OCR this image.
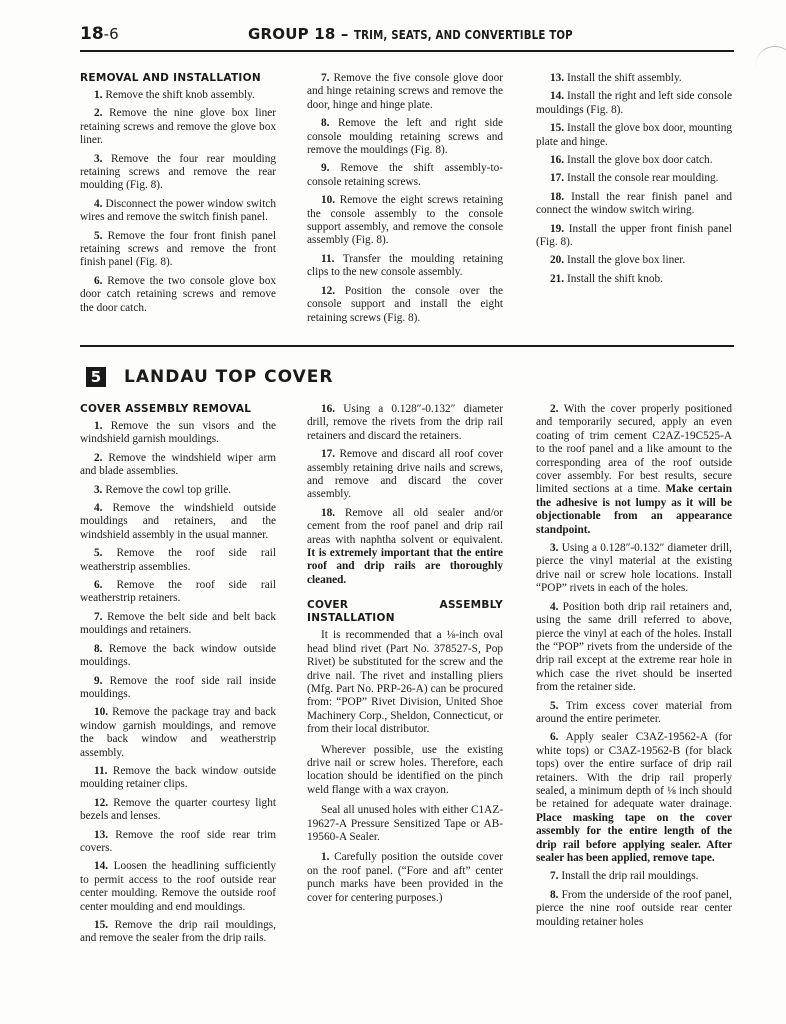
18-6	GROUP 18 – TRIM, SEATS, AND CONVERTIBLE TOP
REMOVAL AND INSTALLATION

1. Remove the shift knob assembly.

2. Remove the nine glove box liner retaining screws and remove the glove box liner.

3. Remove the four rear moulding retaining screws and remove the rear moulding (Fig. 8).

4. Disconnect the power window switch wires and remove the switch finish panel.

5. Remove the four front finish panel retaining screws and remove the front finish panel (Fig. 8).

6. Remove the two console glove box door catch retaining screws and remove the door catch.

7. Remove the five console glove door and hinge retaining screws and remove the door, hinge and hinge plate.

8. Remove the left and right side console moulding retaining screws and remove the mouldings (Fig. 8).

9. Remove the shift assembly-to-console retaining screws.

10. Remove the eight screws retaining the console assembly to the console support assembly, and remove the console assembly (Fig. 8).

11. Transfer the moulding retaining clips to the new console assembly.

12. Position the console over the console support and install the eight retaining screws (Fig. 8).

13. Install the shift assembly.

14. Install the right and left side console mouldings (Fig. 8).

15. Install the glove box door, mounting plate and hinge.

16. Install the glove box door catch.

17. Install the console rear moulding.

18. Install the rear finish panel and connect the window switch wiring.

19. Install the upper front finish panel (Fig. 8).

20. Install the glove box liner.

21. Install the shift knob.

5 LANDAU TOP COVER
COVER ASSEMBLY REMOVAL

1. Remove the sun visors and the windshield garnish mouldings.

2. Remove the windshield wiper arm and blade assemblies.

3. Remove the cowl top grille.

4. Remove the windshield outside mouldings and retainers, and the windshield assembly in the usual manner.

5. Remove the roof side rail weatherstrip assemblies.

6. Remove the roof side rail weatherstrip retainers.

7. Remove the belt side and belt back mouldings and retainers.

8. Remove the back window outside mouldings.

9. Remove the roof side rail inside mouldings.

10. Remove the package tray and back window garnish mouldings, and remove the back window and weatherstrip assembly.

11. Remove the back window outside moulding retainer clips.

12. Remove the quarter courtesy light bezels and lenses.

13. Remove the roof side rear trim covers.

14. Loosen the headlining sufficiently to permit access to the roof outside rear center moulding. Remove the outside roof center moulding and end mouldings.

15. Remove the drip rail mouldings, and remove the sealer from the drip rails.

16. Using a 0.128″-0.132″ diameter drill, remove the rivets from the drip rail retainers and discard the retainers.

17. Remove and discard all roof cover assembly retaining drive nails and screws, and remove and discard the cover assembly.

18. Remove all old sealer and/or cement from the roof panel and drip rail areas with naphtha solvent or equivalent. It is extremely important that the entire roof and drip rails are thoroughly cleaned.

COVER ASSEMBLY INSTALLATION

It is recommended that a ⅛-inch oval head blind rivet (Part No. 378527-S, Pop Rivet) be substituted for the screw and the drive nail. The rivet and installing pliers (Mfg. Part No. PRP-26-A) can be procured from: “POP” Rivet Division, United Shoe Machinery Corp., Sheldon, Connecticut, or from their local distributor.

Wherever possible, use the existing drive nail or screw holes. Therefore, each location should be identified on the pinch weld flange with a wax crayon.

Seal all unused holes with either C1AZ-19627-A Pressure Sensitized Tape or AB-19560-A Sealer.

1. Carefully position the outside cover on the roof panel. (“Fore and aft” center punch marks have been provided in the cover for centering purposes.)

2. With the cover properly positioned and temporarily secured, apply an even coating of trim cement C2AZ-19C525-A to the roof panel and a like amount to the corresponding area of the roof outside cover assembly. For best results, secure limited sections at a time. Make certain the adhesive is not lumpy as it will be objectionable from an appearance standpoint.

3. Using a 0.128″-0.132″ diameter drill, pierce the vinyl material at the existing drive nail or screw hole locations. Install “POP” rivets in each of the holes.

4. Position both drip rail retainers and, using the same drill referred to above, pierce the vinyl at each of the holes. Install the “POP” rivets from the underside of the drip rail except at the extreme rear hole in which case the rivet should be inserted from the retainer side.

5. Trim excess cover material from around the entire perimeter.

6. Apply sealer C3AZ-19562-A (for white tops) or C3AZ-19562-B (for black tops) over the entire surface of drip rail retainers. With the drip rail properly sealed, a minimum depth of ⅛ inch should be retained for adequate water drainage. Place masking tape on the cover assembly for the entire length of the drip rail before applying sealer. After sealer has been applied, remove tape.

7. Install the drip rail mouldings.

8. From the underside of the roof panel, pierce the nine roof outside rear center moulding retainer holes
